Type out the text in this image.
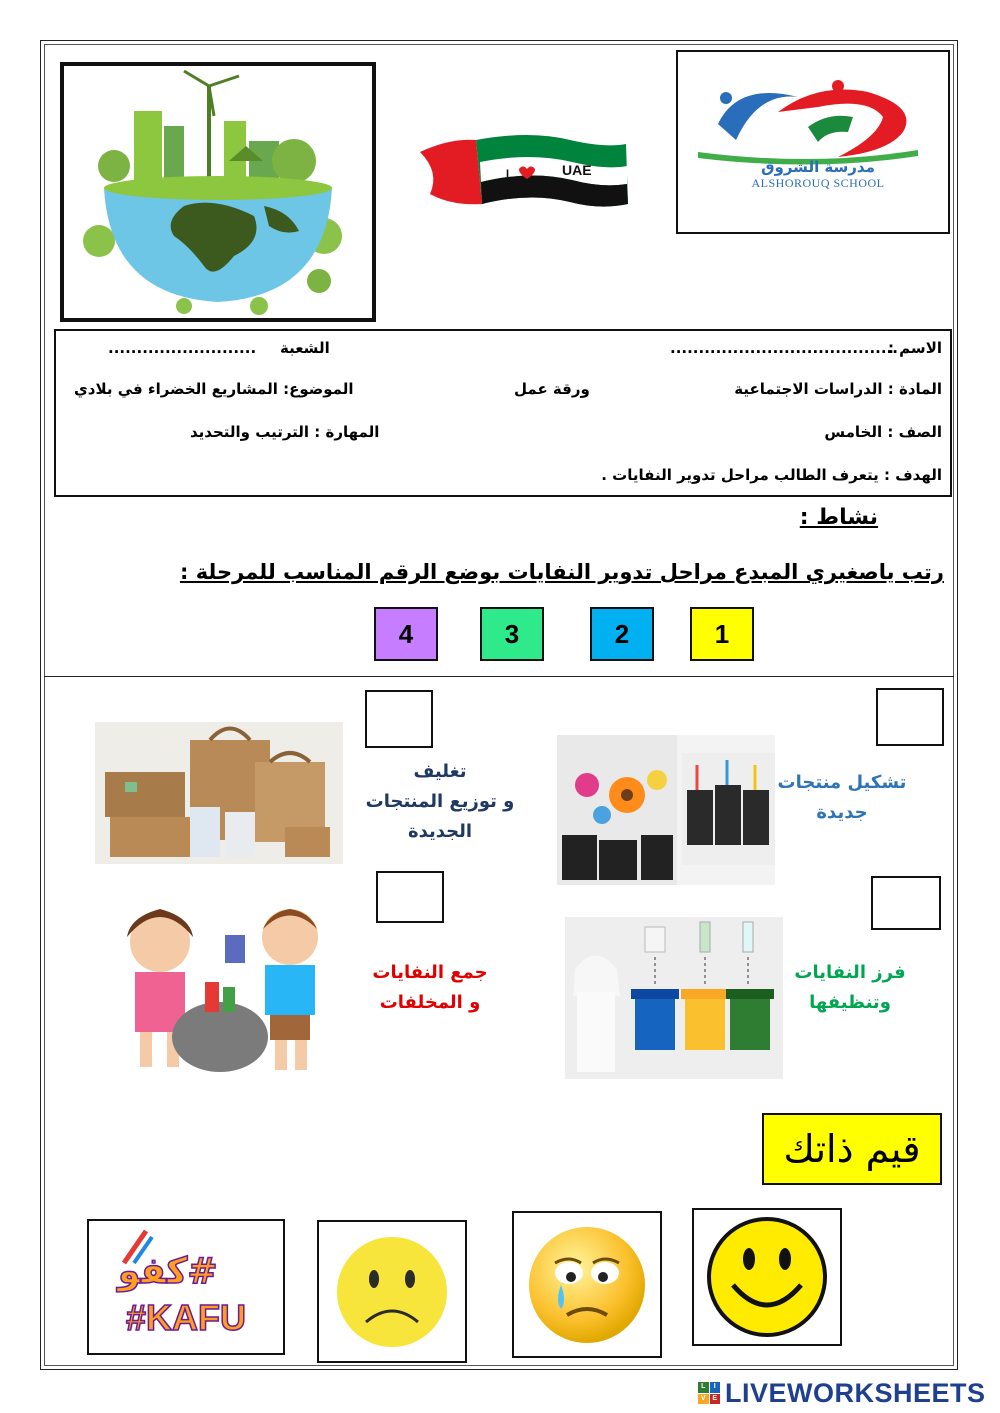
I	UAE	مدرسة الشروق
ALSHOROUQ SCHOOL
الاسم :
........................................
الشعبة
..........................
المادة : الدراسات الاجتماعية
ورقة عمل
الموضوع: المشاريع الخضراء في بلادي
الصف : الخامس
المهارة : الترتيب والتحديد
الهدف : يتعرف الطالب مراحل تدوير النفايات .
نشاط :
رتب ياصغيري المبدع مراحل تدوير النفايات بوضع الرقم المناسب للمرحلة :
4	3	2	1
تغليف
و توزيع المنتجات
الجديدة
تشكيل منتجات
جديدة
جمع النفايات
و المخلفات
فرز النفايات
وتنظيفها
قيم ذاتك
#كفو
#KAFU
L	I
V E LIVEWORKSHEETS
